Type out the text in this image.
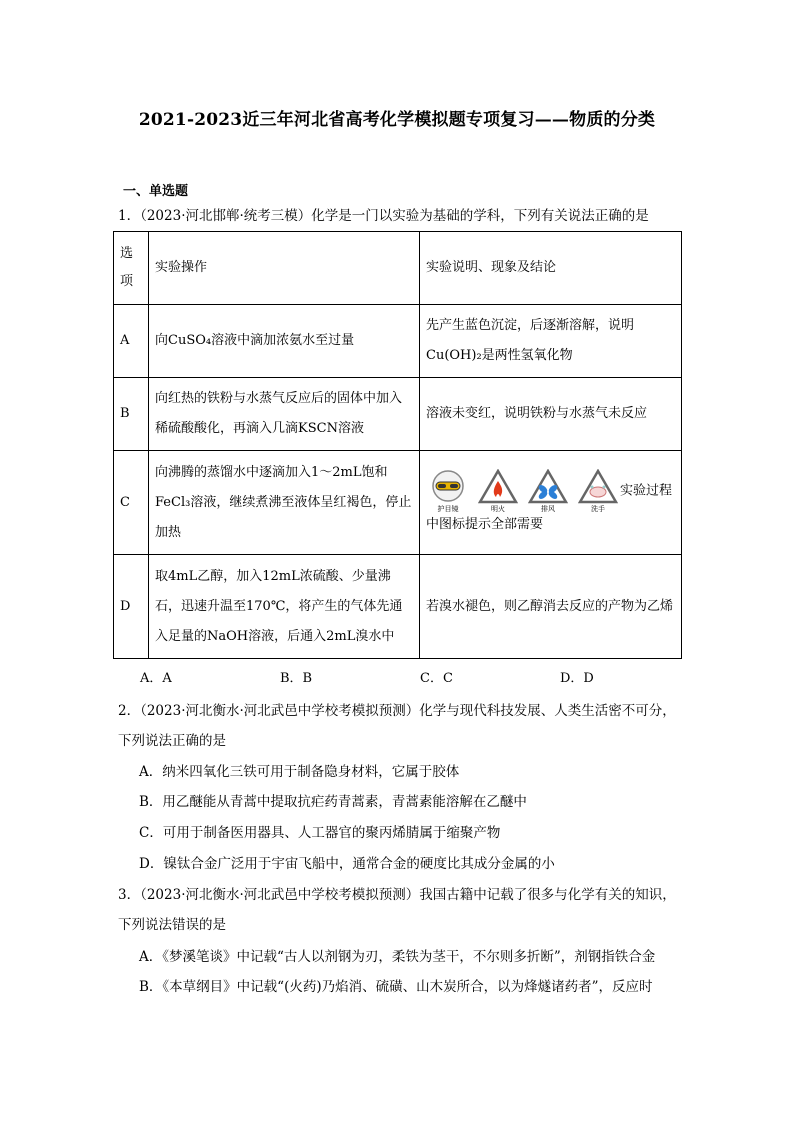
2021-2023近三年河北省高考化学模拟题专项复习——物质的分类
一、单选题
1．（2023·河北邯郸·统考三模）化学是一门以实验为基础的学科，下列有关说法正确的是
选项	实验操作	实验说明、现象及结论
A	向CuSO₄溶液中滴加浓氨水至过量	先产生蓝色沉淀，后逐渐溶解，说明Cu(OH)₂是两性氢氧化物
B	向红热的铁粉与水蒸气反应后的固体中加入稀硫酸酸化，再滴入几滴KSCN溶液	溶液未变红，说明铁粉与水蒸气未反应
C	向沸腾的蒸馏水中逐滴加入1～2mL饱和FeCl₃溶液，继续煮沸至液体呈红褐色，停止加热	护目镜 明火 排风 洗手
实验过程中图标提示全部需要
D	取4mL乙醇，加入12mL浓硫酸、少量沸石，迅速升温至170℃，将产生的气体先通入足量的NaOH溶液，后通入2mL溴水中	若溴水褪色，则乙醇消去反应的产物为乙烯
A．A	B．B	C．C	D．D
2．（2023·河北衡水·河北武邑中学校考模拟预测）化学与现代科技发展、人类生活密不可分，
下列说法正确的是
A．纳米四氧化三铁可用于制备隐身材料，它属于胶体
B．用乙醚能从青蒿中提取抗疟药青蒿素，青蒿素能溶解在乙醚中
C．可用于制备医用器具、人工器官的聚丙烯腈属于缩聚产物
D．镍钛合金广泛用于宇宙飞船中，通常合金的硬度比其成分金属的小
3．（2023·河北衡水·河北武邑中学校考模拟预测）我国古籍中记载了很多与化学有关的知识，
下列说法错误的是
A．《梦溪笔谈》中记载“古人以剂钢为刃，柔铁为茎干，不尔则多折断”，剂钢指铁合金
B．《本草纲目》中记载“(火药)乃焰消、硫磺、山木炭所合，以为烽燧诸药者”，反应时
